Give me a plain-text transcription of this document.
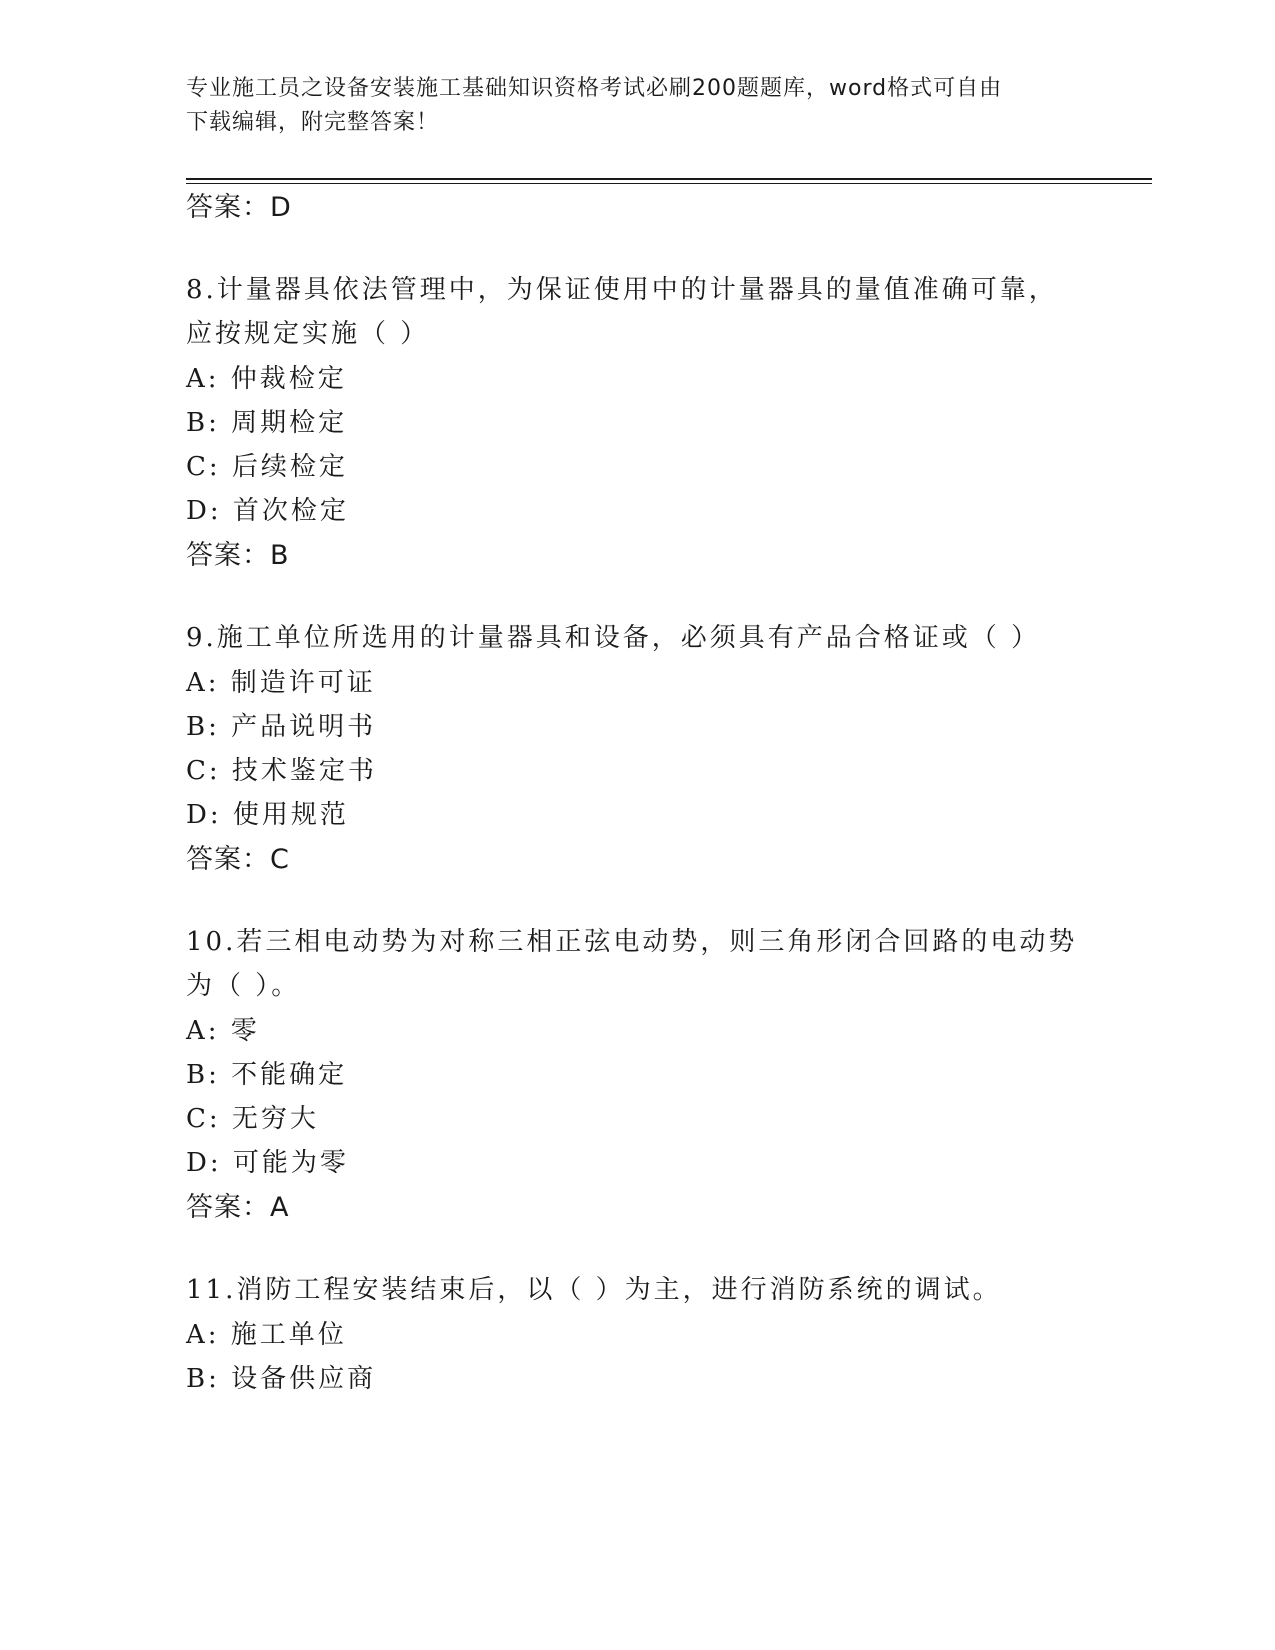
专业施工员之设备安装施工基础知识资格考试必刷200题题库，word格式可自由
下载编辑，附完整答案！
答案：D
8.计量器具依法管理中，为保证使用中的计量器具的量值准确可靠，
应按规定实施（ ）
A: 仲裁检定
B: 周期检定
C: 后续检定
D: 首次检定
答案：B
9.施工单位所选用的计量器具和设备，必须具有产品合格证或（ ）
A: 制造许可证
B: 产品说明书
C: 技术鉴定书
D: 使用规范
答案：C
10.若三相电动势为对称三相正弦电动势，则三角形闭合回路的电动势
为（ ）。
A: 零
B: 不能确定
C: 无穷大
D: 可能为零
答案：A
11.消防工程安装结束后，以（ ）为主，进行消防系统的调试。
A: 施工单位
B: 设备供应商
